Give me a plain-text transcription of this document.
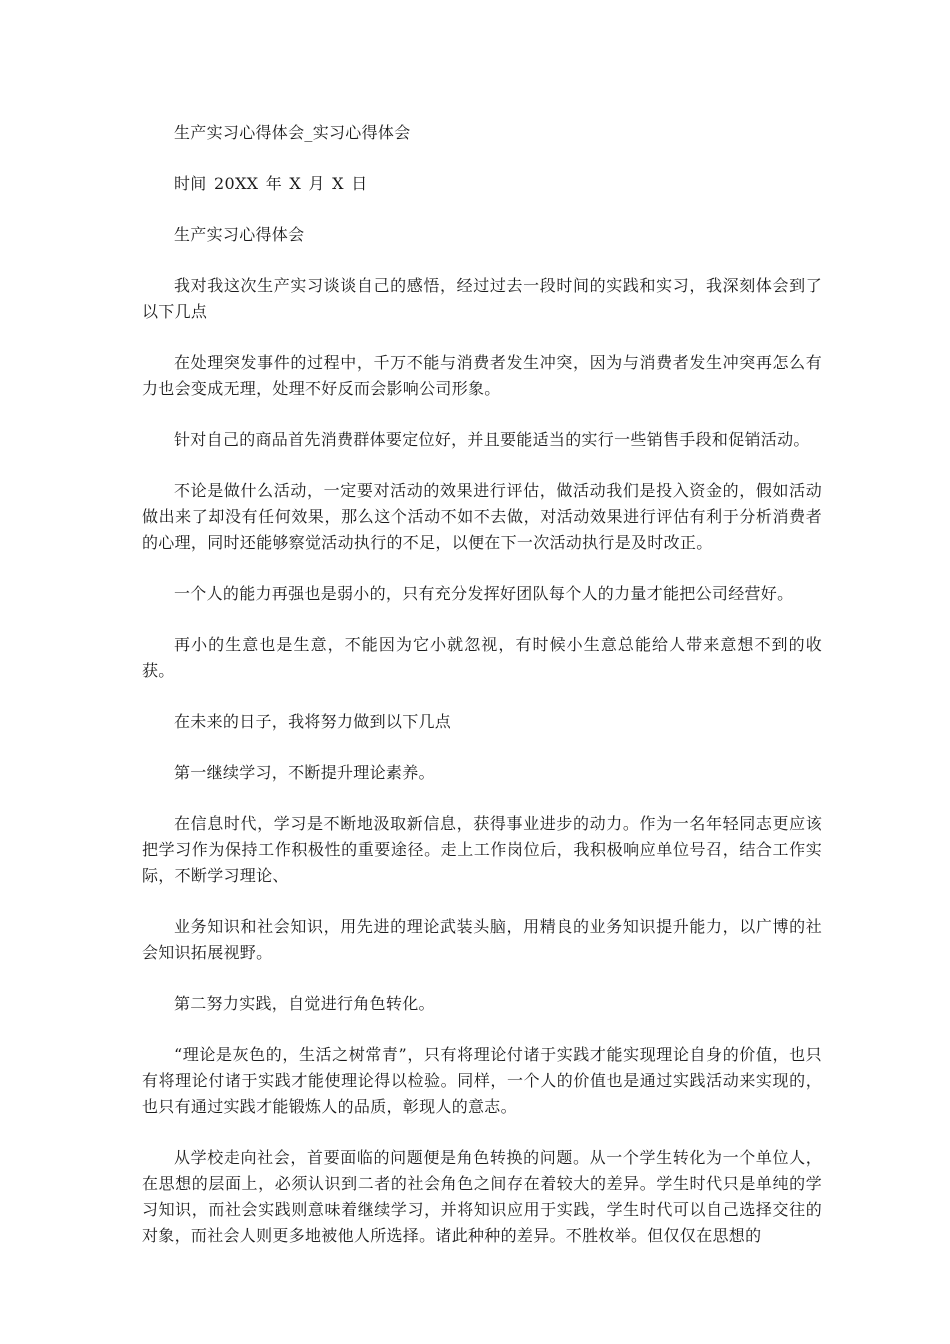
生产实习心得体会_实习心得体会

时间 20XX 年 X 月 X 日

生产实习心得体会

我对我这次生产实习谈谈自己的感悟，经过过去一段时间的实践和实习，我深刻体会到了以下几点

在处理突发事件的过程中，千万不能与消费者发生冲突，因为与消费者发生冲突再怎么有力也会变成无理，处理不好反而会影响公司形象。

针对自己的商品首先消费群体要定位好，并且要能适当的实行一些销售手段和促销活动。

不论是做什么活动，一定要对活动的效果进行评估，做活动我们是投入资金的，假如活动做出来了却没有任何效果，那么这个活动不如不去做，对活动效果进行评估有利于分析消费者的心理，同时还能够察觉活动执行的不足，以便在下一次活动执行是及时改正。

一个人的能力再强也是弱小的，只有充分发挥好团队每个人的力量才能把公司经营好。

再小的生意也是生意，不能因为它小就忽视，有时候小生意总能给人带来意想不到的收获。

在未来的日子，我将努力做到以下几点

第一继续学习，不断提升理论素养。

在信息时代，学习是不断地汲取新信息，获得事业进步的动力。作为一名年轻同志更应该把学习作为保持工作积极性的重要途径。走上工作岗位后，我积极响应单位号召，结合工作实际，不断学习理论、

业务知识和社会知识，用先进的理论武装头脑，用精良的业务知识提升能力，以广博的社会知识拓展视野。

第二努力实践，自觉进行角色转化。

“理论是灰色的，生活之树常青”，只有将理论付诸于实践才能实现理论自身的价值，也只有将理论付诸于实践才能使理论得以检验。同样，一个人的价值也是通过实践活动来实现的，也只有通过实践才能锻炼人的品质，彰现人的意志。

从学校走向社会，首要面临的问题便是角色转换的问题。从一个学生转化为一个单位人，在思想的层面上，必须认识到二者的社会角色之间存在着较大的差异。学生时代只是单纯的学习知识，而社会实践则意味着继续学习，并将知识应用于实践，学生时代可以自己选择交往的对象，而社会人则更多地被他人所选择。诸此种种的差异。不胜枚举。但仅仅在思想的
